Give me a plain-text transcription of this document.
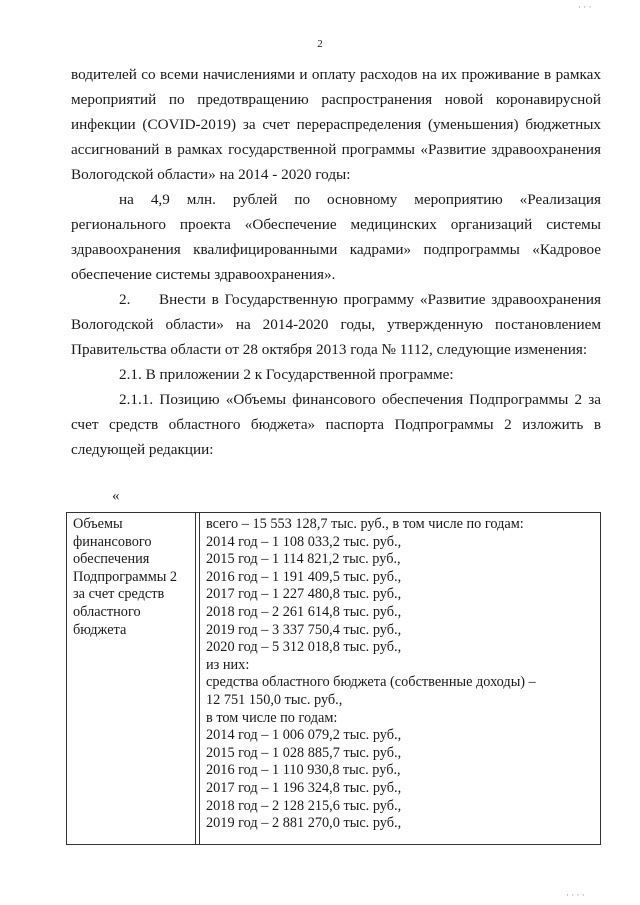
· · ·
2

водителей со всеми начислениями и оплату расходов на их проживание в рамках мероприятий по предотвращению распространения новой коронавирусной инфекции (COVID-2019) за счет перераспределения (уменьшения) бюджетных ассигнований в рамках государственной программы «Развитие здравоохранения Вологодской области» на 2014 - 2020 годы:

на 4,9 млн. рублей по основному мероприятию «Реализация регионального проекта «Обеспечение медицинских организаций системы здравоохранения квалифицированными кадрами» подпрограммы «Кадровое обеспечение системы здравоохранения».

2. Внести в Государственную программу «Развитие здравоохранения Вологодской области» на 2014-2020 годы, утвержденную постановлением Правительства области от 28 октября 2013 года № 1112, следующие изменения:

2.1. В приложении 2 к Государственной программе:

2.1.1. Позицию «Объемы финансового обеспечения Подпрограммы 2 за счет средств областного бюджета» паспорта Подпрограммы 2 изложить в следующей редакции:

«
Объемы
финансового
обеспечения
Подпрограммы 2
за счет средств
областного
бюджета
всего – 15 553 128,7 тыс. руб., в том числе по годам:
2014 год – 1 108 033,2 тыс. руб.,
2015 год – 1 114 821,2 тыс. руб.,
2016 год – 1 191 409,5 тыс. руб.,
2017 год – 1 227 480,8 тыс. руб.,
2018 год – 2 261 614,8 тыс. руб.,
2019 год – 3 337 750,4 тыс. руб.,
2020 год – 5 312 018,8 тыс. руб.,
из них:
средства областного бюджета (собственные доходы) –
12 751 150,0 тыс. руб.,
в том числе по годам:
2014 год – 1 006 079,2 тыс. руб.,
2015 год – 1 028 885,7 тыс. руб.,
2016 год – 1 110 930,8 тыс. руб.,
2017 год – 1 196 324,8 тыс. руб.,
2018 год – 2 128 215,6 тыс. руб.,
2019 год – 2 881 270,0 тыс. руб.,
· · · ·
